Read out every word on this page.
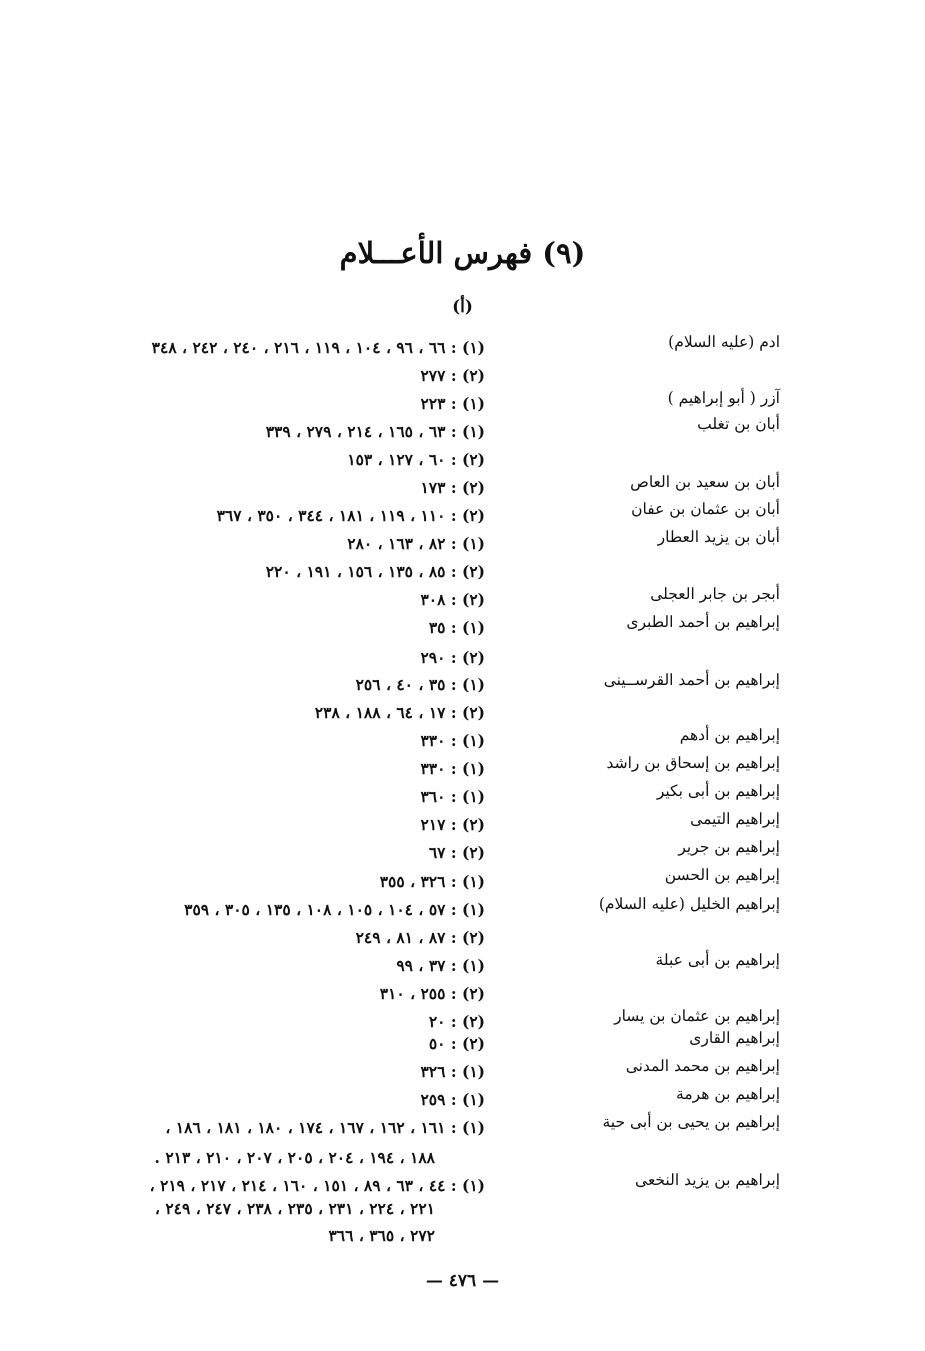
(٩) فهرس الأعـــلام
(أ)
ادم (عليه السلام)
(١) : ٦٦ ، ٩٦ ، ١٠٤ ، ١١٩ ، ٢١٦ ، ٢٤٠ ، ٢٤٢ ، ٣٤٨
(٢) : ٢٧٧
آزر ( أبو إبراهيم )
(١) : ٢٢٣
أبان بن تغلب
(١) : ٦٣ ، ١٦٥ ، ٢١٤ ، ٢٧٩ ، ٣٣٩
(٢) : ٦٠ ، ١٢٧ ، ١٥٣
أبان بن سعيد بن العاص
(٢) : ١٧٣
أبان بن عثمان بن عفان
(٢) : ١١٠ ، ١١٩ ، ١٨١ ، ٣٤٤ ، ٣٥٠ ، ٣٦٧
أبان بن يزيد العطار
(١) : ٨٢ ، ١٦٣ ، ٢٨٠
(٢) : ٨٥ ، ١٣٥ ، ١٥٦ ، ١٩١ ، ٢٢٠
أبجر بن جابر العجلى
(٢) : ٣٠٨
إبراهيم بن أحمد الطبرى
(١) : ٣٥
(٢) : ٢٩٠
إبراهيم بن أحمد القرســينى
(١) : ٣٥ ، ٤٠ ، ٢٥٦
(٢) : ١٧ ، ٦٤ ، ١٨٨ ، ٢٣٨
إبراهيم بن أدهم
(١) : ٣٣٠
إبراهيم بن إسحاق بن راشد
(١) : ٣٣٠
إبراهيم بن أبى بكير
(١) : ٣٦٠
إبراهيم التيمى
(٢) : ٢١٧
إبراهيم بن جرير
(٢) : ٦٧
إبراهيم بن الحسن
(١) : ٣٢٦ ، ٣٥٥
إبراهيم الخليل (عليه السلام)
(١) : ٥٧ ، ١٠٤ ، ١٠٥ ، ١٠٨ ، ١٣٥ ، ٣٠٥ ، ٣٥٩
(٢) : ٨٧ ، ٨١ ، ٢٤٩
إبراهيم بن أبى عبلة
(١) : ٣٧ ، ٩٩
(٢) : ٢٥٥ ، ٣١٠
إبراهيم بن عثمان بن يسار
(٢) : ٢٠
إبراهيم القارى
(٢) : ٥٠
إبراهيم بن محمد المدنى
(١) : ٣٢٦
إبراهيم بن هرمة
(١) : ٢٥٩
إبراهيم بن يحيى بن أبى حية
(١) : ١٦١ ، ١٦٢ ، ١٦٧ ، ١٧٤ ، ١٨٠ ، ١٨١ ، ١٨٦ ،
١٨٨ ، ١٩٤ ، ٢٠٤ ، ٢٠٥ ، ٢٠٧ ، ٢١٠ ، ٢١٣ .
إبراهيم بن يزيد النخعى
(١) : ٤٤ ، ٦٣ ، ٨٩ ، ١٥١ ، ١٦٠ ، ٢١٤ ، ٢١٧ ، ٢١٩ ،
٢٢١ ، ٢٢٤ ، ٢٣١ ، ٢٣٥ ، ٢٣٨ ، ٢٤٧ ، ٢٤٩ ،
٢٧٢ ، ٣٦٥ ، ٣٦٦
— ٤٧٦ —
